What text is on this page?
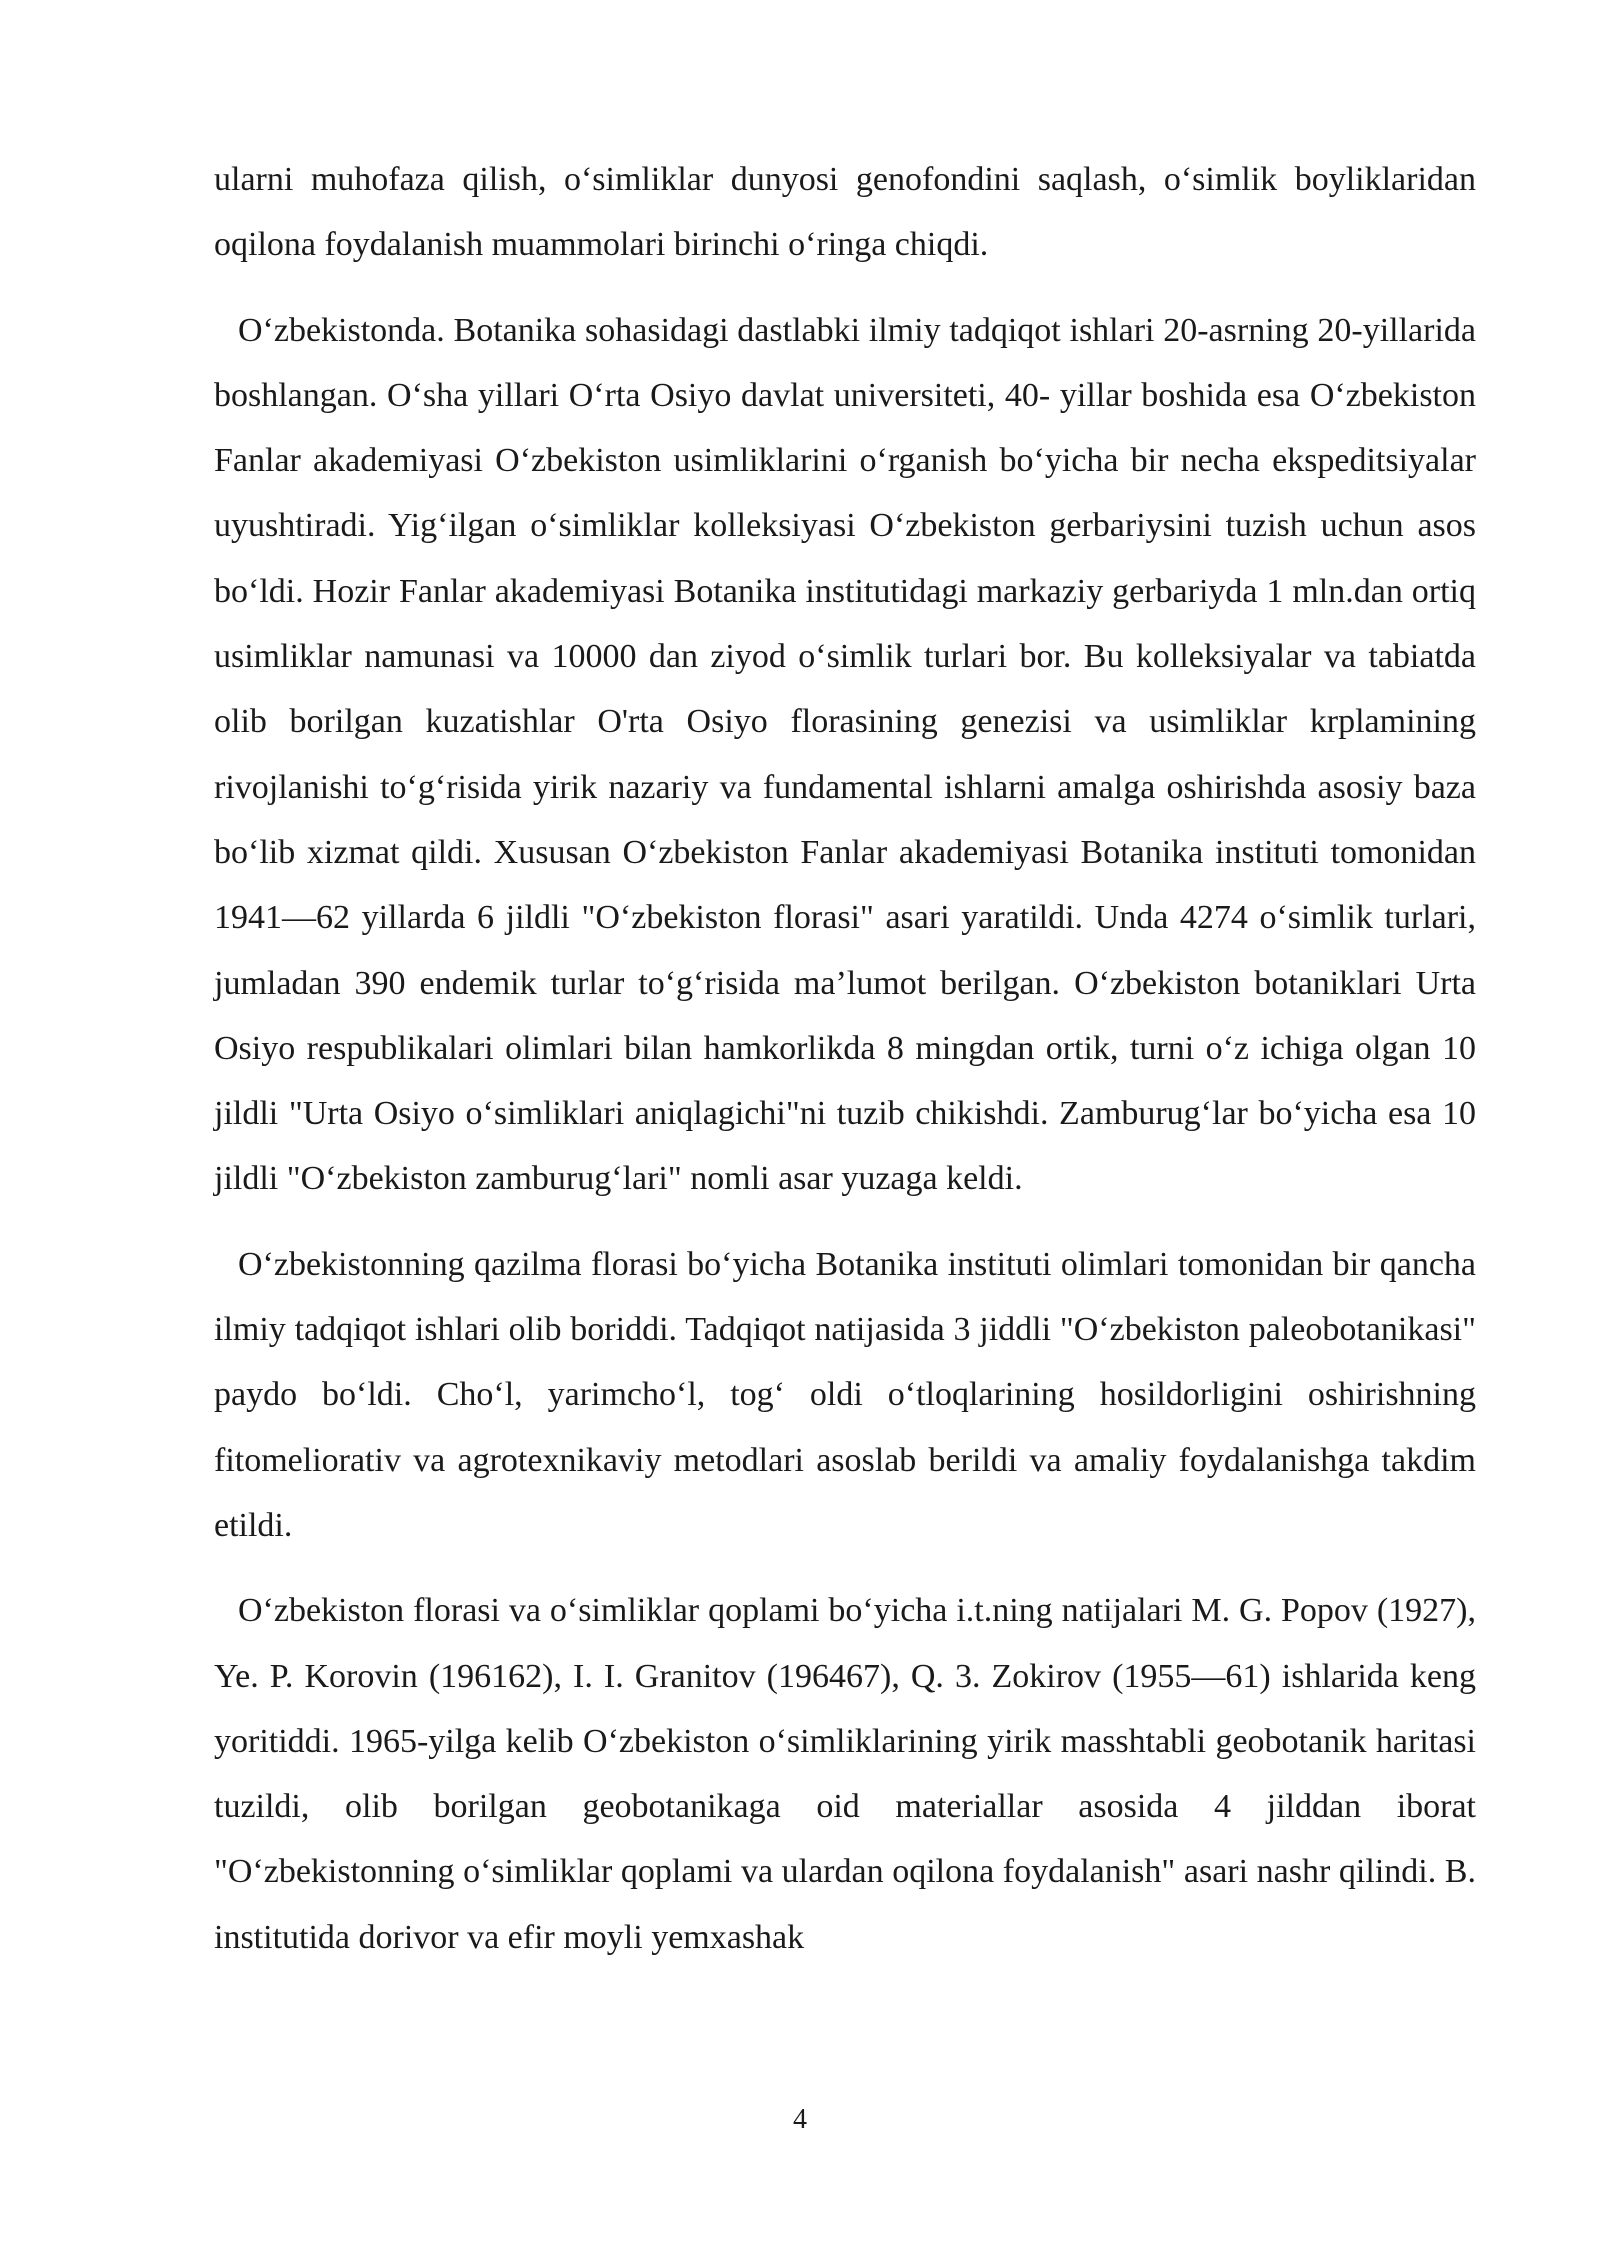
ularni muhofaza qilish, oʻsimliklar dunyosi genofondini saqlash, oʻsimlik boyliklaridan oqilona foydalanish muammolari birinchi oʻringa chiqdi.

Oʻzbekistonda. Botanika sohasidagi dastlabki ilmiy tadqiqot ishlari 20-asrning 20-yillarida boshlangan. Oʻsha yillari Oʻrta Osiyo davlat universiteti, 40- yillar boshida esa Oʻzbekiston Fanlar akademiyasi Oʻzbekiston usimliklarini oʻrganish boʻyicha bir necha ekspeditsiyalar uyushtiradi. Yigʻilgan oʻsimliklar kolleksiyasi Oʻzbekiston gerbariysini tuzish uchun asos boʻldi. Hozir Fanlar akademiyasi Botanika institutidagi markaziy gerbariyda 1 mln.dan ortiq usimliklar namunasi va 10000 dan ziyod oʻsimlik turlari bor. Bu kolleksiyalar va tabiatda olib borilgan kuzatishlar O'rta Osiyo florasining genezisi va usimliklar krplamining rivojlanishi toʻgʻrisida yirik nazariy va fundamental ishlarni amalga oshirishda asosiy baza boʻlib xizmat qildi. Xususan Oʻzbekiston Fanlar akademiyasi Botanika instituti tomonidan 1941—62 yillarda 6 jildli "Oʻzbekiston florasi" asari yaratildi. Unda 4274 oʻsimlik turlari, jumladan 390 endemik turlar toʻgʻrisida ma’lumot berilgan. Oʻzbekiston botaniklari Urta Osiyo respublikalari olimlari bilan hamkorlikda 8 mingdan ortik, turni oʻz ichiga olgan 10 jildli "Urta Osiyo oʻsimliklari aniqlagichi"ni tuzib chikishdi. Zamburugʻlar boʻyicha esa 10 jildli "Oʻzbekiston zamburugʻlari" nomli asar yuzaga keldi.

Oʻzbekistonning qazilma florasi boʻyicha Botanika instituti olimlari tomonidan bir qancha ilmiy tadqiqot ishlari olib boriddi. Tadqiqot natijasida 3 jiddli "Oʻzbekiston paleobotanikasi" paydo boʻldi. Choʻl, yarimchoʻl, togʻ oldi oʻtloqlarining hosildorligini oshirishning fitomeliorativ va agrotexnikaviy metodlari asoslab berildi va amaliy foydalanishga takdim etildi.

Oʻzbekiston florasi va oʻsimliklar qoplami boʻyicha i.t.ning natijalari M. G. Popov (1927), Ye. P. Korovin (196162), I. I. Granitov (196467), Q. 3. Zokirov (1955—61) ishlarida keng yoritiddi. 1965-yilga kelib Oʻzbekiston oʻsimliklarining yirik masshtabli geobotanik haritasi tuzildi, olib borilgan geobotanikaga oid materiallar asosida 4 jilddan iborat "Oʻzbekistonning oʻsimliklar qoplami va ulardan oqilona foydalanish" asari nashr qilindi. B. institutida dorivor va efir moyli yemxashak

4
